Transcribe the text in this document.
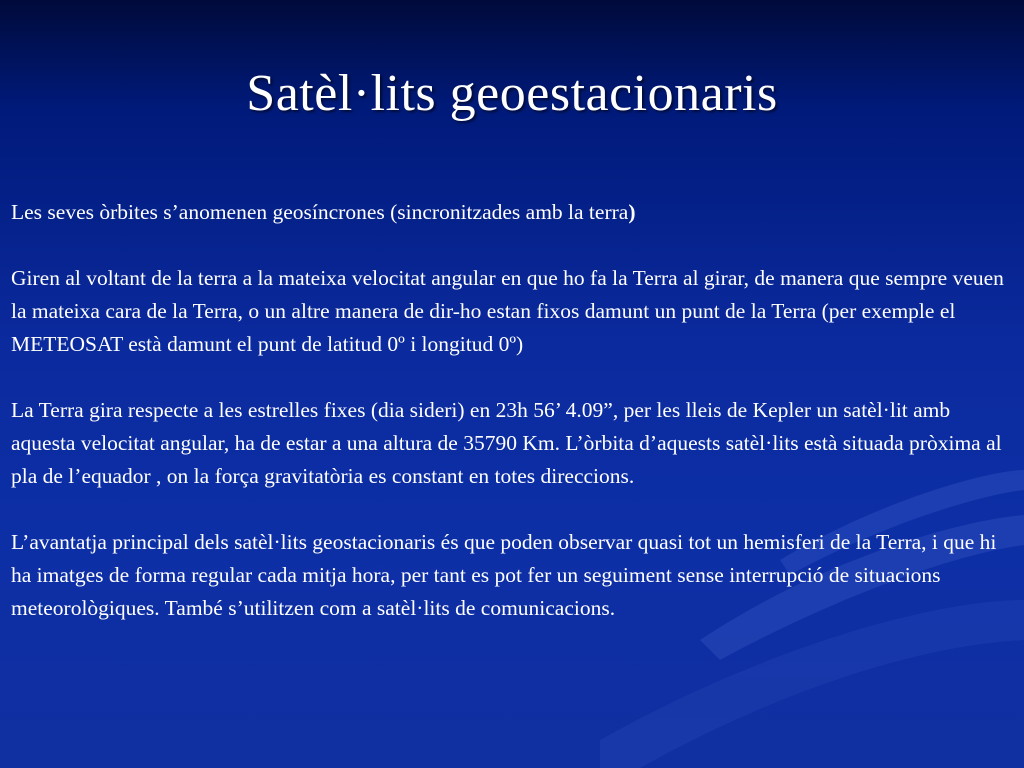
Satèl·lits geoestacionaris

Les seves òrbites s’anomenen geosíncrones (sincronitzades amb la terra)

Giren al voltant de la terra a la mateixa velocitat angular en que ho fa la Terra al girar, de manera que sempre veuen la mateixa cara de la Terra, o un altre manera de dir-ho estan fixos damunt un punt de la Terra (per exemple el METEOSAT està damunt el punt de latitud 0º i longitud 0º)

La Terra gira respecte a les estrelles fixes (dia sideri) en 23h 56’ 4.09”, per les lleis de Kepler un satèl·lit amb aquesta velocitat angular, ha de estar a una altura de 35790 Km. L’òrbita d’aquests satèl·lits està situada pròxima al pla de l’equador , on la força gravitatòria es constant en totes direccions.

L’avantatja principal dels satèl·lits geostacionaris és que poden observar quasi tot un hemisferi de la Terra, i que hi ha imatges de forma regular cada mitja hora, per tant es pot fer un seguiment sense interrupció de situacions meteorològiques. També s’utilitzen com a satèl·lits de comunicacions.
